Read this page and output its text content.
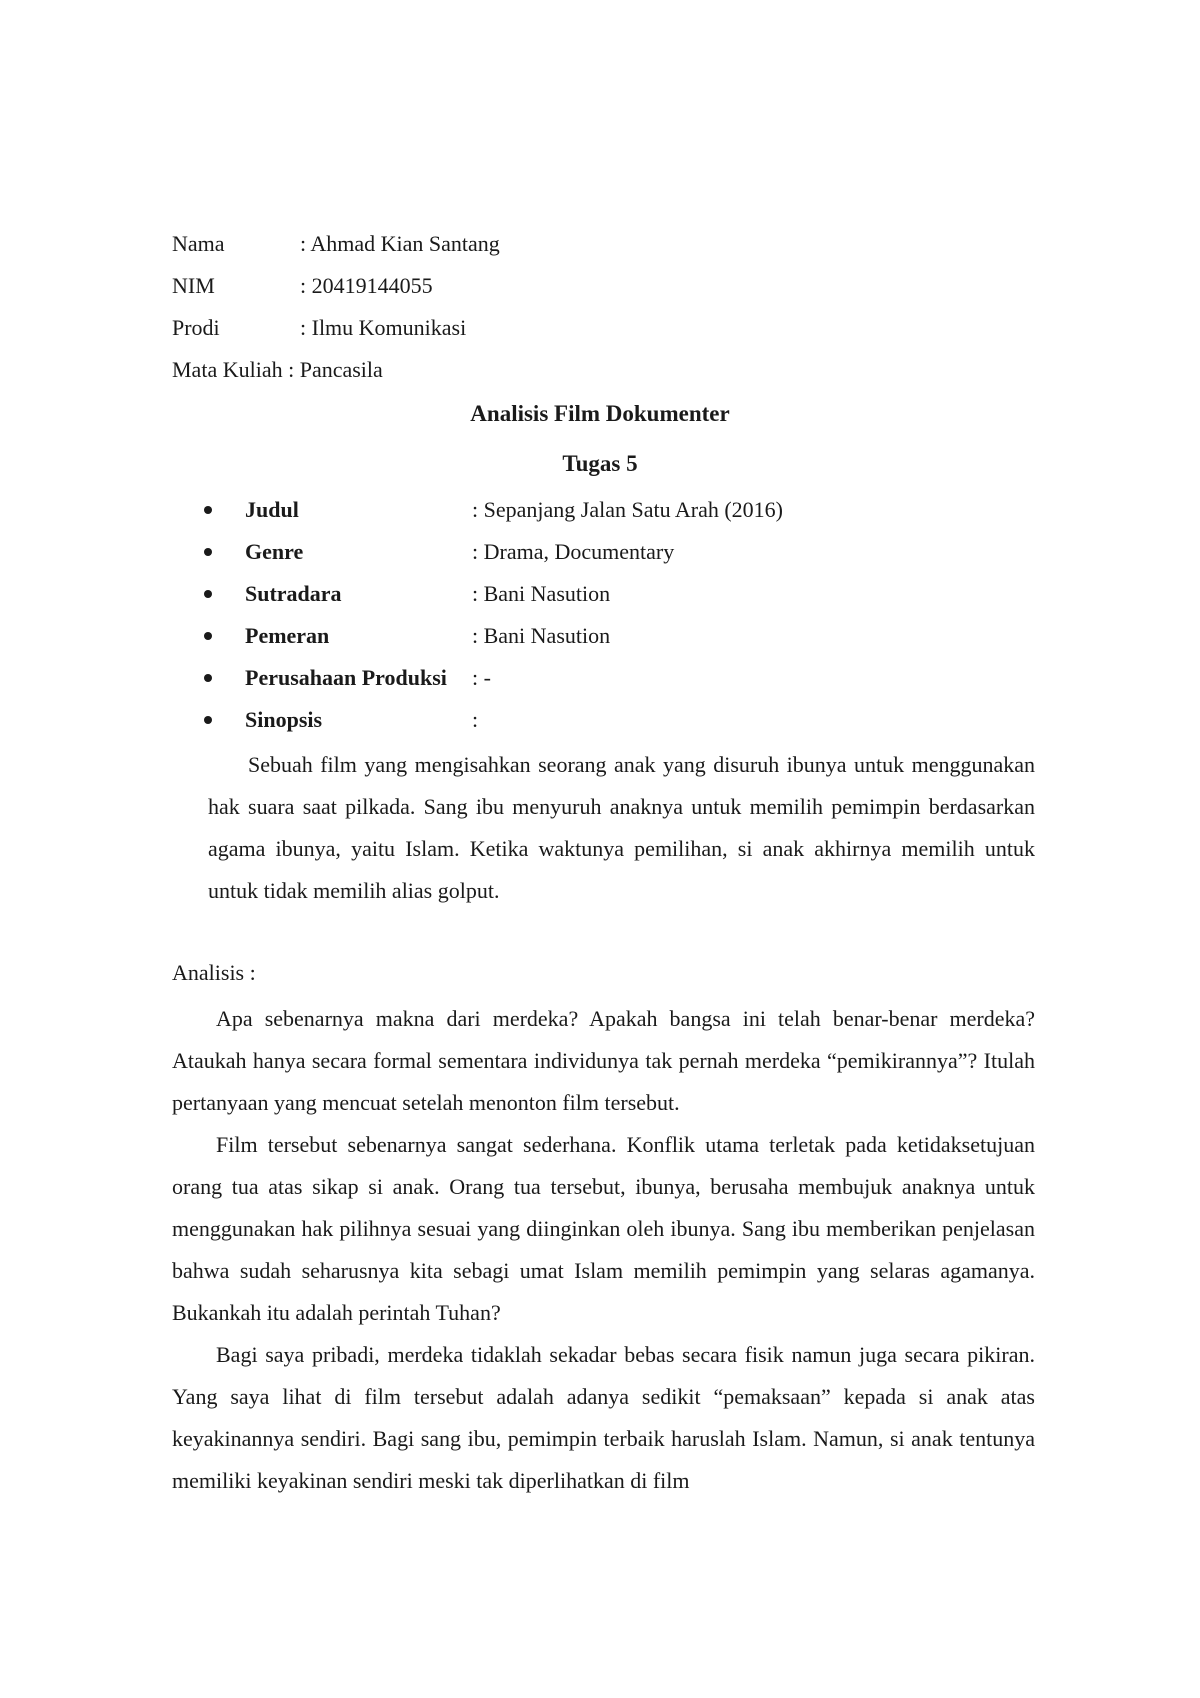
Nama	: Ahmad Kian Santang
NIM	: 20419144055
Prodi	: Ilmu Komunikasi
Mata Kuliah : Pancasila
Analisis Film Dokumenter
Tugas 5
Judul	: Sepanjang Jalan Satu Arah (2016)
Genre	: Drama, Documentary
Sutradara	: Bani Nasution
Pemeran	: Bani Nasution
Perusahaan Produksi : -
Sinopsis	:

Sebuah film yang mengisahkan seorang anak yang disuruh ibunya untuk menggunakan hak suara saat pilkada. Sang ibu menyuruh anaknya untuk memilih pemimpin berdasarkan agama ibunya, yaitu Islam. Ketika waktunya pemilihan, si anak akhirnya memilih untuk untuk tidak memilih alias golput.

Analisis :

Apa sebenarnya makna dari merdeka? Apakah bangsa ini telah benar-benar merdeka? Ataukah hanya secara formal sementara individunya tak pernah merdeka “pemikirannya”? Itulah pertanyaan yang mencuat setelah menonton film tersebut.

Film tersebut sebenarnya sangat sederhana. Konflik utama terletak pada ketidaksetujuan orang tua atas sikap si anak. Orang tua tersebut, ibunya, berusaha membujuk anaknya untuk menggunakan hak pilihnya sesuai yang diinginkan oleh ibunya. Sang ibu memberikan penjelasan bahwa sudah seharusnya kita sebagi umat Islam memilih pemimpin yang selaras agamanya. Bukankah itu adalah perintah Tuhan?

Bagi saya pribadi, merdeka tidaklah sekadar bebas secara fisik namun juga secara pikiran. Yang saya lihat di film tersebut adalah adanya sedikit “pemaksaan” kepada si anak atas keyakinannya sendiri. Bagi sang ibu, pemimpin terbaik haruslah Islam. Namun, si anak tentunya memiliki keyakinan sendiri meski tak diperlihatkan di film
